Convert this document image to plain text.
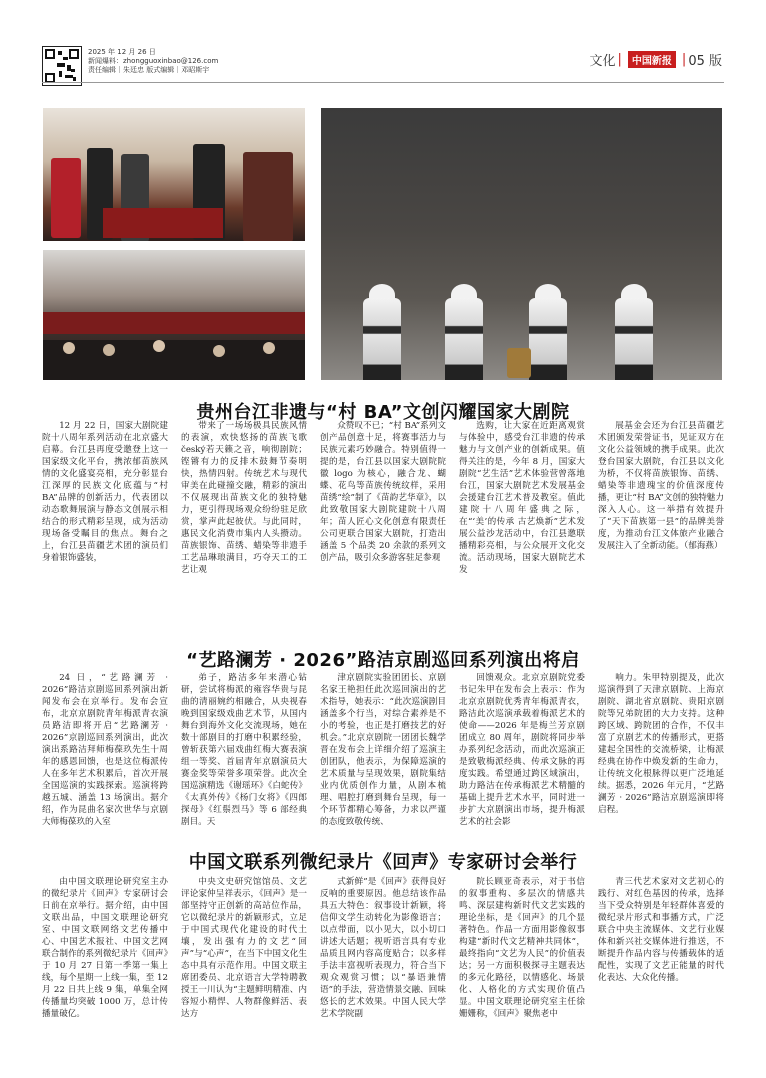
2025 年 12 月 26 日
新闻爆料：zhongguoxinbao@126.com
责任编辑｜朱廷忠 版式编辑｜邓昭斯宇
文化 |	中国新报 | 05 版
贵州台江非遗与“村 BA”文创闪耀国家大剧院

12 月 22 日，国家大剧院建院十八周年系列活动在北京盛大启幕。台江县再度受邀登上这一国家级文化平台，携浓郁苗族风情的文化盛宴亮相，充分彰显台江深厚的民族文化底蕴与“村 BA”品牌的创新活力，代表团以动态歌舞展演与静态文创展示相结合的形式精彩呈现，成为活动现场备受瞩目的焦点。舞台之上，台江县苗疆艺术团的演员们身着银饰盛装，

带来了一场场极具民族风情的表演，欢快悠扬的苗族飞歌český若天籁之音，响彻剧院；铿锵有力的反排木鼓舞节奏明快，热情四射。传统艺术与现代审美在此碰撞交融，精彩的演出不仅展现出苗族文化的独特魅力，更引得现场观众纷纷驻足欣赏，掌声此起彼伏。与此同时，惠民文化消费市集内人头攒动。苗族银饰、苗绣、蜡染等非遗手工艺品琳琅满目，巧夺天工的工艺让观

众赞叹不已；“村 BA”系列文创产品创意十足，将赛事活力与民族元素巧妙融合。特别值得一提的是，台江县以国家大剧院院徽 logo 为核心，融合龙、蝴蝶、花鸟等苗族传统纹样，采用苗绣“绘”制了《苗韵艺华章》，以此致敬国家大剧院建院十八周年；苗人匠心文化创意有限责任公司更联合国家大剧院，打造出涵盖 5 个品类 20 余款的系列文创产品，吸引众多游客驻足参观

选购，让大家在近距离观赏与体验中，感受台江非遗的传承魅力与文创产业的创新成果。值得关注的是，今年 8 月，国家大剧院“艺生活”艺术体验营曾落地台江，国家大剧院艺术发展基金会援建台江艺术普及教室。值此建院十八周年盛典之际，在“‘美’的传承 古艺焕新”艺术发展公益沙龙活动中，台江县邀联播精彩亮相，与公众展开文化交流。活动现场，国家大剧院艺术发

展基金会还为台江县苗疆艺术团颁发荣誉证书，见证双方在文化公益领域的携手成果。此次登台国家大剧院，台江县以文化为桥，不仅将苗族银饰、苗绣、蜡染等非遗瑰宝的价值深度传播，更让“村 BA”文创的独特魅力深入人心。这一举措有效提升了“天下苗族第一县”的品牌美誉度，为推动台江文体旅产业融合发展注入了全新动能。（郁海燕）

“艺路澜芳 · 2026”路洁京剧巡回系列演出将启

24 日，“艺路澜芳 · 2026”路洁京剧巡回系列演出新闻发布会在京举行。发布会宣布，北京京剧院青年梅派青衣演员路洁即将开启“艺路澜芳 · 2026”京剧巡回系列演出，此次演出系路洁拜师梅葆玖先生十周年的感恩回馈，也是这位梅派传人在多年艺术积累后，首次开展全国巡演的实践探索。巡演将跨越五城、涵盖 13 场演出。据介绍，作为昆曲名家次世华与京剧大师梅葆玖的入室

弟子，路洁多年来潜心钻研，尝试将梅派的雍容华贵与昆曲的清丽婉约相融合，从央视春晚到国家级戏曲艺术节，从国内舞台到海外文化交流现场，她在数十部剧目的打磨中积累经验，曾斩获第六届戏曲红梅大赛表演组一等奖、首届青年京剧演员大赛金奖等荣誉多项荣誉。此次全国巡演精选《谢瑶环》《白蛇传》《太真外传》《杨门女将》《四郎探母》《红鬃烈马》等 6 部经典剧目。天

津京剧院实验团团长、京剧名家王艳担任此次巡回演出的艺术指导，她表示：“此次巡演剧目涵盖多个行当，对综合素养是不小的考验，也正是打磨技艺的好机会。”北京京剧院一团团长魏学晋在发布会上详细介绍了巡演主创团队，他表示，为保障巡演的艺术质量与呈现效果，剧院集结业内优质创作力量，从剧本梳理、唱腔打磨到舞台呈现，每一个环节都精心筹备，力求以严谨的态度致敬传统、

回馈观众。北京京剧院党委书记朱甲在发布会上表示：作为北京京剧院优秀青年梅派青衣，路洁此次巡演承载着梅派艺术的使命——2026 年是梅兰芳京剧团成立 80 周年，剧院将同步举办系列纪念活动，而此次巡演正是致敬梅派经典、传承文脉的再度实践。希望通过跨区域演出，助力路洁在传承梅派艺术精髓的基础上提升艺术水平，同时进一步扩大京剧演出市场，提升梅派艺术的社会影

响力。朱甲特别提及，此次巡演得到了天津京剧院、上海京剧院、湖北省京剧院、贵阳京剧院等兄弟院团的大力支持。这种跨区域、跨院团的合作，不仅丰富了京剧艺术的传播形式，更搭建起全国性的交流桥梁，让梅派经典在协作中焕发新的生命力，让传统文化根脉得以更广泛地延续。据悉，2026 年元月，“艺路澜芳 · 2026”路洁京剧巡演即将启程。

中国文联系列微纪录片《回声》专家研讨会举行

由中国文联理论研究室主办的微纪录片《回声》专家研讨会日前在京举行。据介绍，由中国文联出品，中国文联理论研究室、中国文联网络文艺传播中心、中国艺术报社、中国文艺网联合制作的系列微纪录片《回声》于 10 月 27 日第一季第一集上线，每个星期一上线一集，至 12 月 22 日共上线 9 集，单集全网传播量均突破 1000 万，总计传播量破亿。

中央文史研究馆馆员、文艺评论家仲呈祥表示，《回声》是一部坚持守正创新的高站位作品，它以微纪录片的新颖形式，立足于中国式现代化建设的时代土壤，发出强有力的文艺“回声”与“心声”，在当下中国文化生态中具有示范作用。中国文联主席团委员、北京语言大学特聘教授王一川认为“主题鲜明精准、内容短小精悍、人物群像鲜活、表达方

式新鲜”是《回声》获得良好反响的重要原因。他总结该作品具五大特色：叙事设计新颖，将信仰文学生动转化为影像语言；以点带面，以小见大，以小切口讲述大话题；视听语言具有专业品质且网内容高度贴合；以多样手法丰富视听表现力，符合当下观众观赏习惯；以“暴语兼情语”的手法，营造情景交融、回味悠长的艺术效果。中国人民大学艺术学院副

院长顾亚奇表示，对于书信的叙事重构、多层次的情感共鸣、深层建构新时代文艺实践的理论坐标，是《回声》的几个显著特色。作品一方面用影像叙事构建“新时代文艺精神共同体”，最终指向“文艺为人民”的价值表达；另一方面积极探寻主题表达的多元化路径，以情感化、场景化、人格化的方式实现价值凸显。中国文联理论研究室主任徐姗姗称，《回声》聚焦老中

青三代艺术家对文艺初心的践行、对红色基因的传承，选择当下受众特别是年轻群体喜爱的微纪录片形式和事播方式，广泛联合中央主流媒体、文艺行业媒体和新兴社交媒体进行推送，不断提升作品内容与传播载体的适配性，实现了文艺正能量的时代化表达、大众化传播。
